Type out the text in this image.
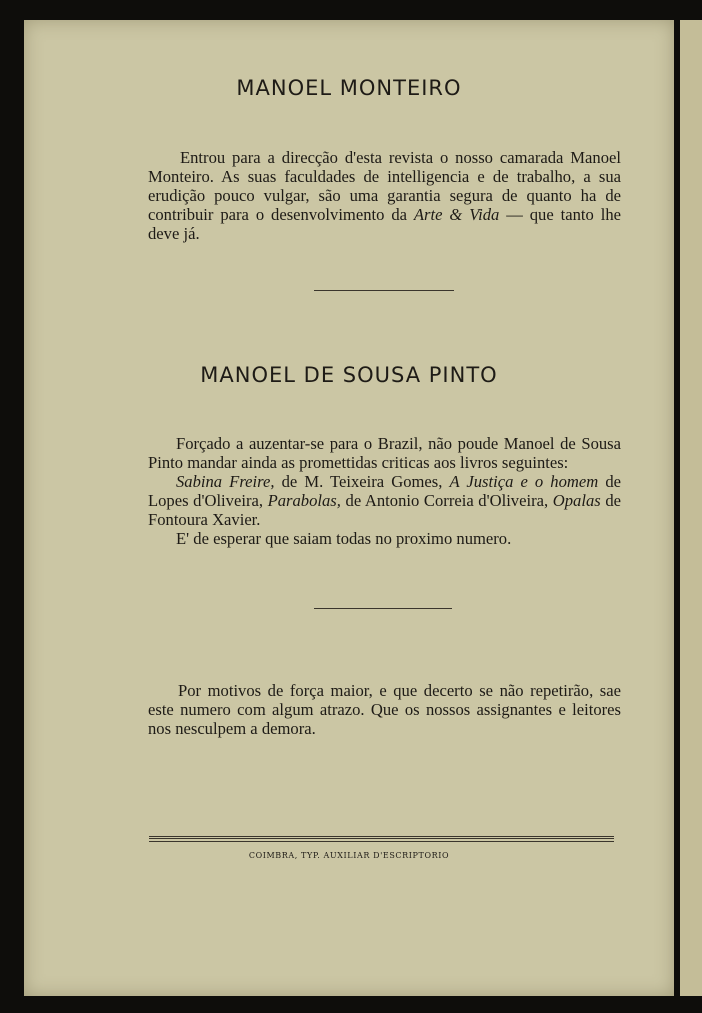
MANOEL MONTEIRO

Entrou para a direcção d'esta revista o nosso camarada Manoel Monteiro. As suas faculdades de intelligencia e de trabalho, a sua erudição pouco vulgar, são uma garantia segura de quanto ha de contribuir para o desenvolvimento da Arte & Vida — que tanto lhe deve já.

MANOEL DE SOUSA PINTO

Forçado a auzentar-se para o Brazil, não poude Manoel de Sousa Pinto mandar ainda as promettidas criticas aos livros seguintes:
Sabina Freire, de M. Teixeira Gomes, A Justiça e o homem de Lopes d'Oliveira, Parabolas, de Antonio Correia d'Oliveira, Opalas de Fontoura Xavier.
E' de esperar que saiam todas no proximo numero.

Por motivos de força maior, e que decerto se não repetirão, sae este numero com algum atrazo. Que os nossos assignantes e leitores nos nesculpem a demora.

COIMBRA, TYP. AUXILIAR D'ESCRIPTORIO
